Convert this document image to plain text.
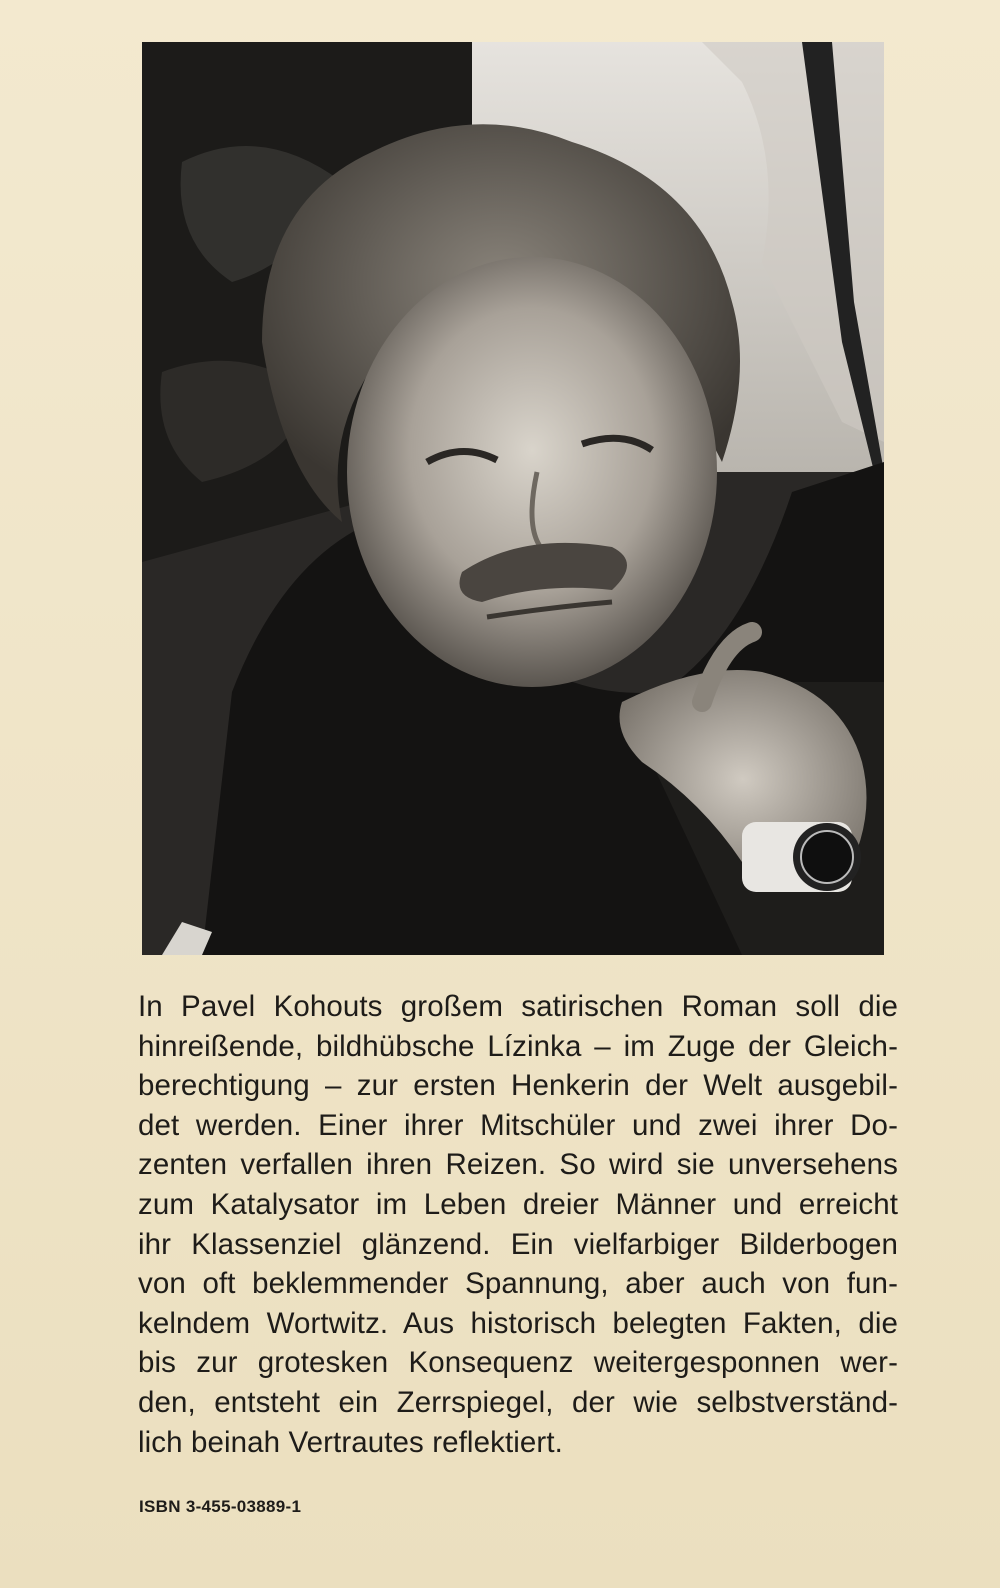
In Pavel Kohouts großem satirischen Roman soll die
hinreißende, bildhübsche Lízinka – im Zuge der Gleich-
berechtigung – zur ersten Henkerin der Welt ausgebil-
det werden. Einer ihrer Mitschüler und zwei ihrer Do-
zenten verfallen ihren Reizen. So wird sie unversehens
zum Katalysator im Leben dreier Männer und erreicht
ihr Klassenziel glänzend. Ein vielfarbiger Bilderbogen
von oft beklemmender Spannung, aber auch von fun-
kelndem Wortwitz. Aus historisch belegten Fakten, die
bis zur grotesken Konsequenz weitergesponnen wer-
den, entsteht ein Zerrspiegel, der wie selbstverständ-
lich beinah Vertrautes reflektiert.
ISBN 3-455-03889-1
